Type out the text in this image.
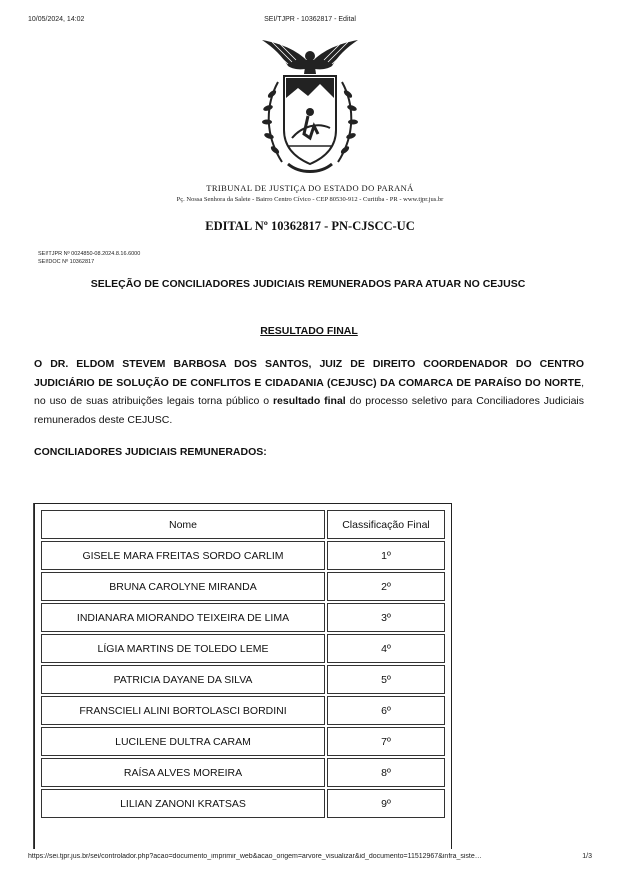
10/05/2024, 14:02	SEI/TJPR - 10362817 - Edital
TRIBUNAL DE JUSTIÇA DO ESTADO DO PARANÁ
Pç. Nossa Senhora da Salete - Bairro Centro Cívico - CEP 80530-912 - Curitiba - PR - www.tjpr.jus.br
EDITAL Nº 10362817 - PN-CJSCC-UC
SEI!TJPR Nº 0024850-08.2024.8.16.6000
SEI!DOC Nº 10362817
SELEÇÃO DE CONCILIADORES JUDICIAIS REMUNERADOS PARA ATUAR NO CEJUSC
RESULTADO FINAL
O DR. ELDOM STEVEM BARBOSA DOS SANTOS, JUIZ DE DIREITO COORDENADOR DO CENTRO JUDICIÁRIO DE SOLUÇÃO DE CONFLITOS E CIDADANIA (CEJUSC) DA COMARCA DE PARAÍSO DO NORTE, no uso de suas atribuições legais torna público o resultado final do processo seletivo para Conciliadores Judiciais remunerados deste CEJUSC.
CONCILIADORES JUDICIAIS REMUNERADOS:
Nome	Classificação Final
GISELE MARA FREITAS SORDO CARLIM	1º
BRUNA CAROLYNE MIRANDA	2º
INDIANARA MIORANDO TEIXEIRA DE LIMA	3º
LÍGIA MARTINS DE TOLEDO LEME	4º
PATRICIA DAYANE DA SILVA	5º
FRANSCIELI ALINI BORTOLASCI BORDINI	6º
LUCILENE DULTRA CARAM	7º
RAÍSA ALVES MOREIRA	8º
LILIAN ZANONI KRATSAS	9º
https://sei.tjpr.jus.br/sei/controlador.php?acao=documento_imprimir_web&acao_origem=arvore_visualizar&id_documento=11512967&infra_siste…	1/3
